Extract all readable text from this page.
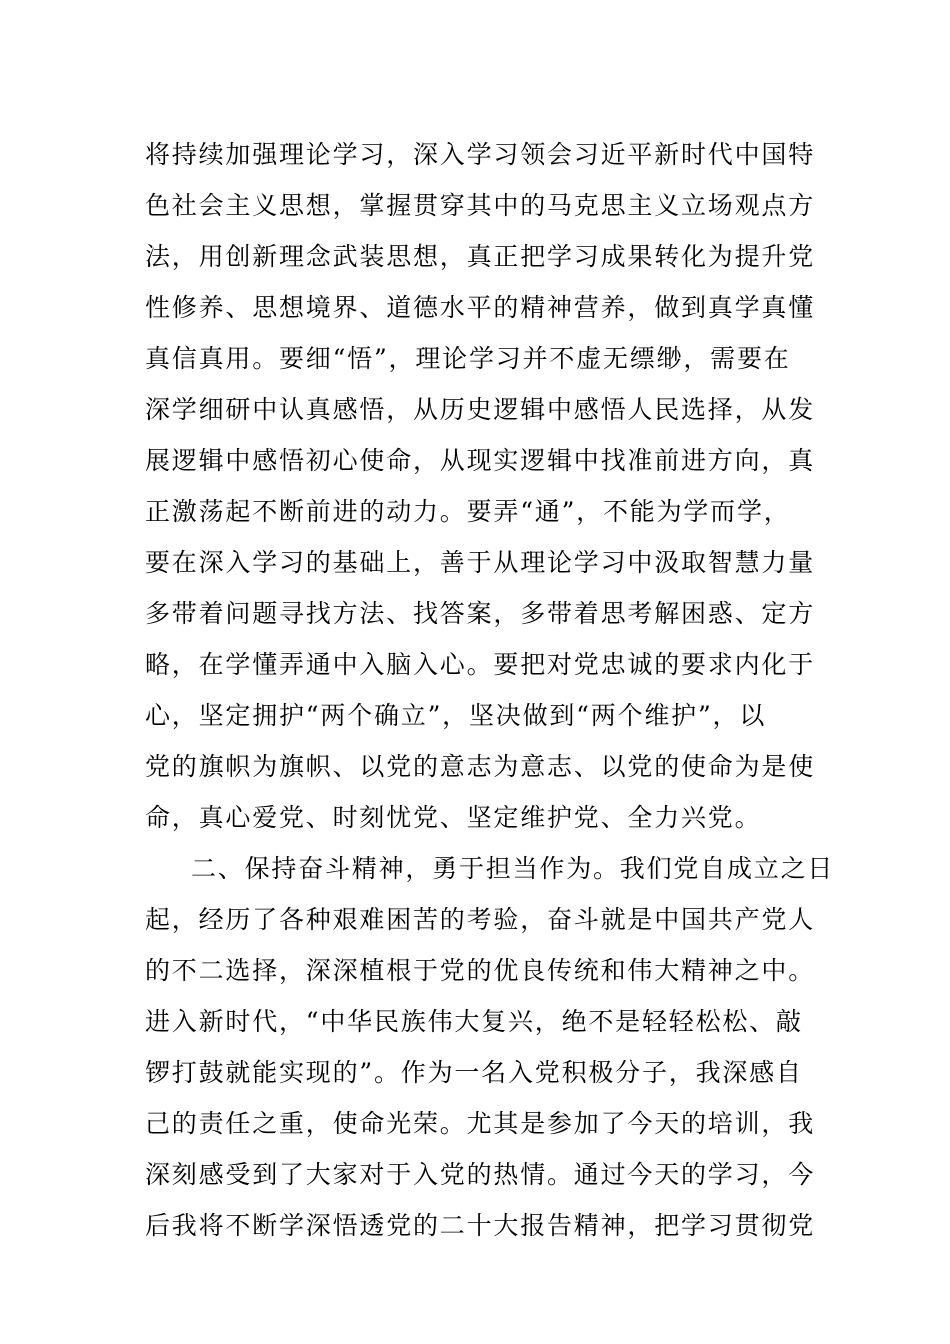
将持续加强理论学习，深入学习领会习近平新时代中国特
色社会主义思想，掌握贯穿其中的马克思主义立场观点方
法，用创新理念武装思想，真正把学习成果转化为提升党
性修养、思想境界、道德水平的精神营养，做到真学真懂
真信真用。要细“悟”，理论学习并不虚无缥缈，需要在
深学细研中认真感悟，从历史逻辑中感悟人民选择，从发
展逻辑中感悟初心使命，从现实逻辑中找准前进方向，真
正激荡起不断前进的动力。要弄“通”，不能为学而学，
要在深入学习的基础上，善于从理论学习中汲取智慧力量
多带着问题寻找方法、找答案，多带着思考解困惑、定方
略，在学懂弄通中入脑入心。要把对党忠诚的要求内化于
心，坚定拥护“两个确立”，坚决做到“两个维护”，以
党的旗帜为旗帜、以党的意志为意志、以党的使命为是使
命，真心爱党、时刻忧党、坚定维护党、全力兴党。
二、保持奋斗精神，勇于担当作为。我们党自成立之日
起，经历了各种艰难困苦的考验，奋斗就是中国共产党人
的不二选择，深深植根于党的优良传统和伟大精神之中。
进入新时代，“中华民族伟大复兴，绝不是轻轻松松、敲
锣打鼓就能实现的”。作为一名入党积极分子，我深感自
己的责任之重，使命光荣。尤其是参加了今天的培训，我
深刻感受到了大家对于入党的热情。通过今天的学习，今
后我将不断学深悟透党的二十大报告精神，把学习贯彻党
